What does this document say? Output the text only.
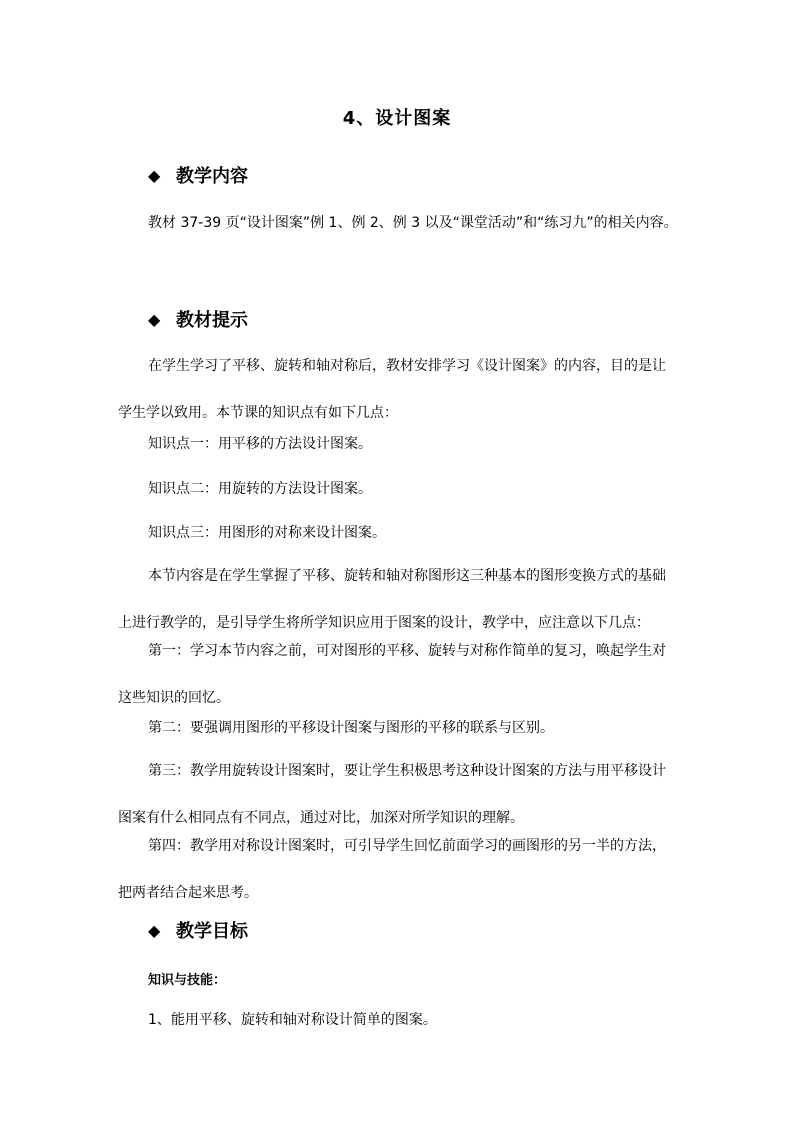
4、设计图案
◆ 教学内容

教材 37-39 页“设计图案”例 1、例 2、例 3 以及“课堂活动”和“练习九”的相关内容。

◆ 教材提示

在学生学习了平移、旋转和轴对称后，教材安排学习《设计图案》的内容，目的是让学生学以致用。本节课的知识点有如下几点：

知识点一：用平移的方法设计图案。
知识点二：用旋转的方法设计图案。
知识点三：用图形的对称来设计图案。

本节内容是在学生掌握了平移、旋转和轴对称图形这三种基本的图形变换方式的基础上进行教学的，是引导学生将所学知识应用于图案的设计，教学中，应注意以下几点：

第一：学习本节内容之前，可对图形的平移、旋转与对称作简单的复习，唤起学生对这些知识的回忆。

第二：要强调用图形的平移设计图案与图形的平移的联系与区别。

第三：教学用旋转设计图案时，要让学生积极思考这种设计图案的方法与用平移设计图案有什么相同点有不同点，通过对比，加深对所学知识的理解。

第四：教学用对称设计图案时，可引导学生回忆前面学习的画图形的另一半的方法，把两者结合起来思考。

◆ 教学目标
知识与技能：
1、能用平移、旋转和轴对称设计简单的图案。
